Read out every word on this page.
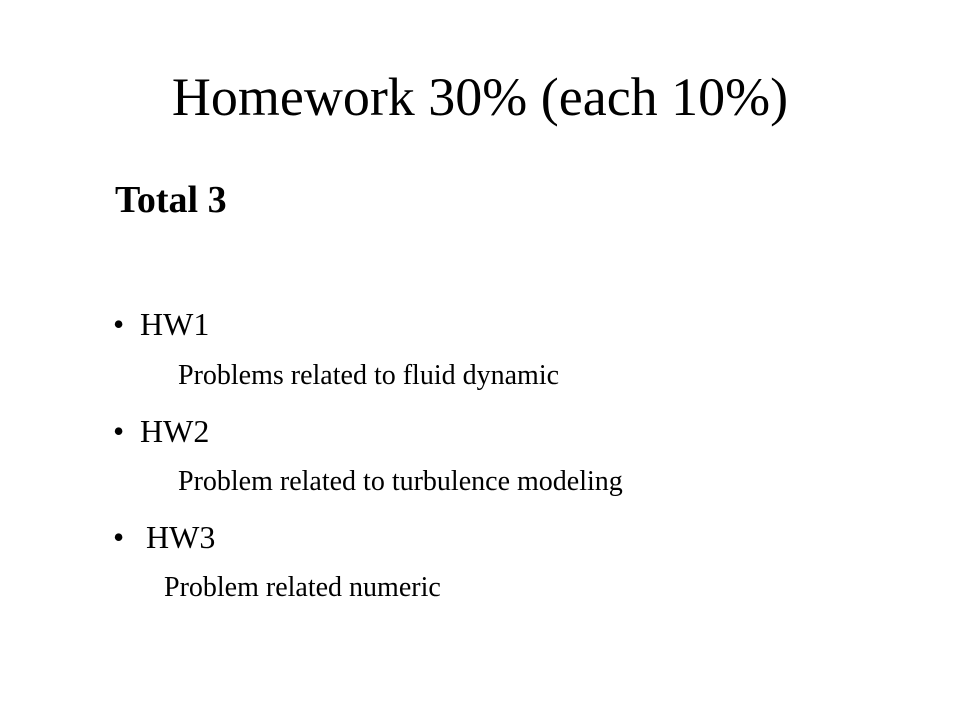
Homework 30% (each 10%)
Total 3
• HW1
Problems related to fluid dynamic
• HW2
Problem related to turbulence modeling
• HW3
Problem related numeric
